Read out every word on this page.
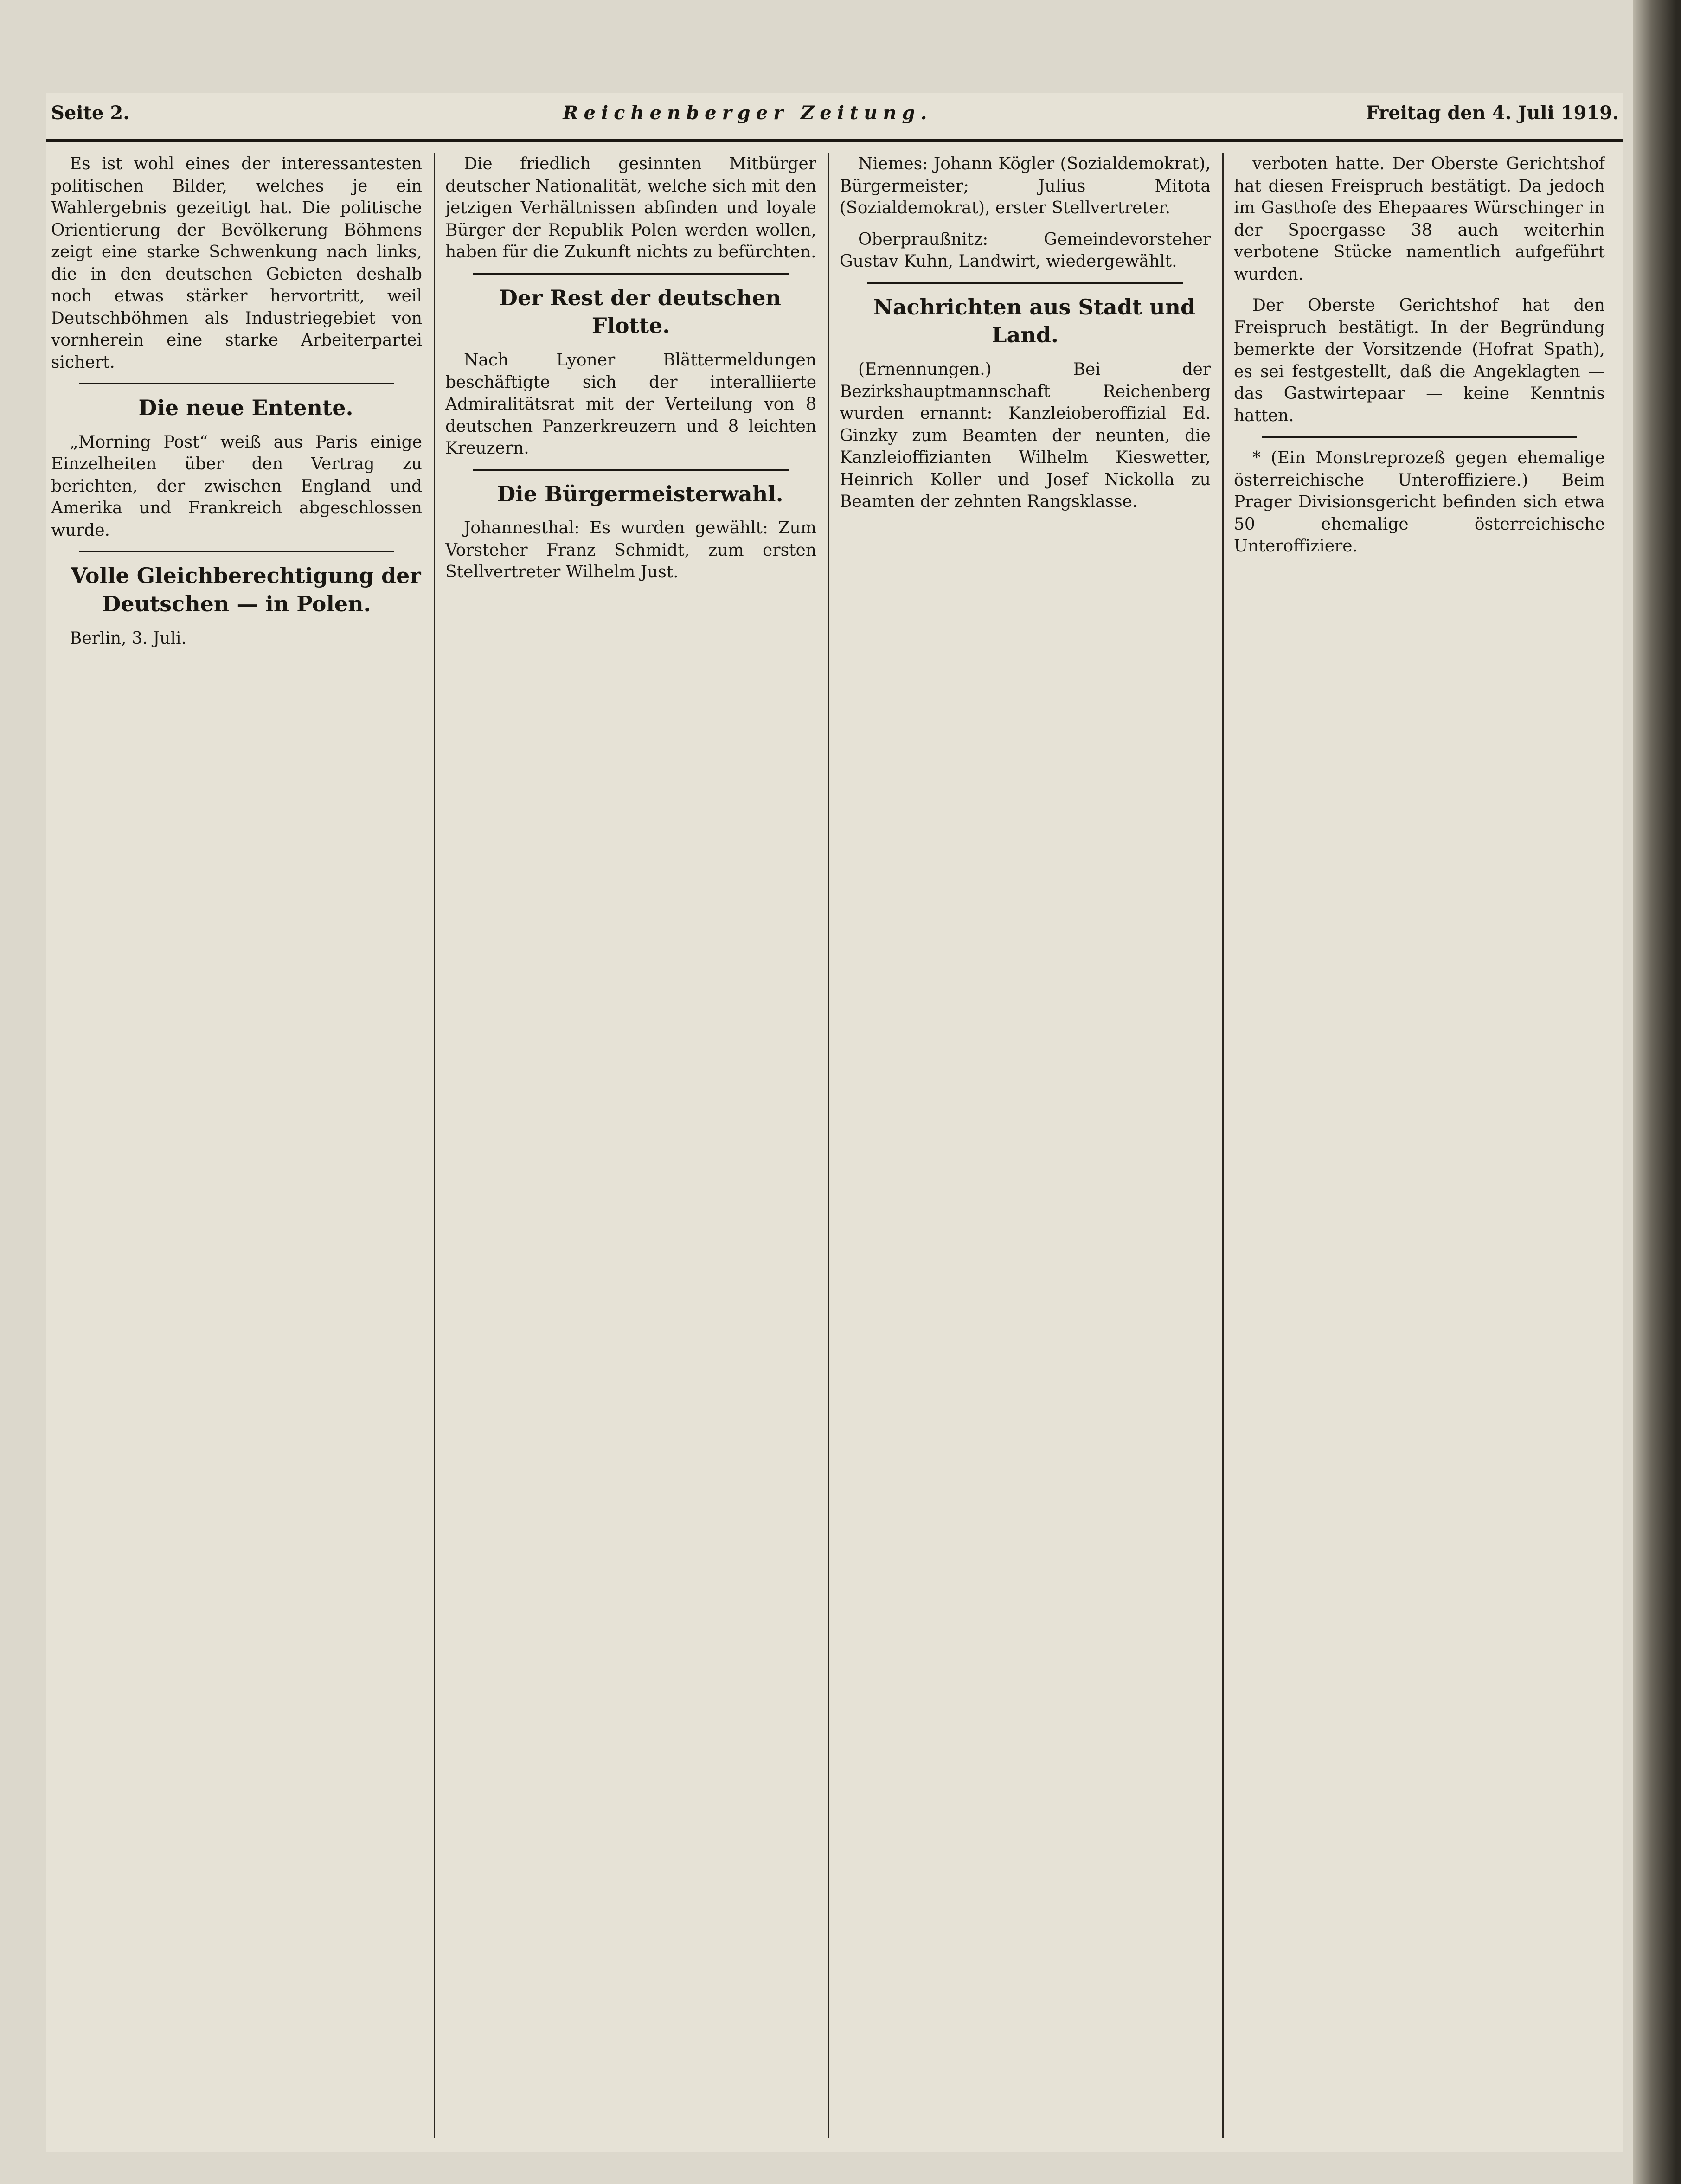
Seite 2.	Reichenberger Zeitung.	Freitag den 4. Juli 1919.

Es ist wohl eines der interessantesten politischen Bilder, welches je ein Wahlergebnis gezeitigt hat. Die politische Orientierung der Bevölkerung Böhmens zeigt eine starke Schwenkung nach links, die in den deutschen Gebieten deshalb noch etwas stärker hervortritt, weil Deutschböhmen als Industriegebiet von vornherein eine starke Arbeiterpartei sichert.

Die neue Entente.

„Morning Post“ weiß aus Paris einige Einzelheiten über den Vertrag zu berichten, der zwischen England und Amerika und Frankreich abgeschlossen wurde.

Volle Gleichberechtigung der Deutschen — in Polen.

Berlin, 3. Juli.

Die friedlich gesinnten Mitbürger deutscher Nationalität, welche sich mit den jetzigen Verhältnissen abfinden und loyale Bürger der Republik Polen werden wollen, haben für die Zukunft nichts zu befürchten.

Der Rest der deutschen Flotte.

Nach Lyoner Blättermeldungen beschäftigte sich der interalliierte Admiralitätsrat mit der Verteilung von 8 deutschen Panzerkreuzern und 8 leichten Kreuzern.

Die Bürgermeisterwahl.

Johannesthal: Es wurden gewählt: Zum Vorsteher Franz Schmidt, zum ersten Stellvertreter Wilhelm Just.

Niemes: Johann Kögler (Sozialdemokrat), Bürgermeister; Julius Mitota (Sozialdemokrat), erster Stellvertreter.

Oberpraußnitz: Gemeindevorsteher Gustav Kuhn, Landwirt, wiedergewählt.

Nachrichten aus Stadt und Land.

(Ernennungen.) Bei der Bezirkshauptmannschaft Reichenberg wurden ernannt: Kanzleioberoffizial Ed. Ginzky zum Beamten der neunten, die Kanzleioffizianten Wilhelm Kieswetter, Heinrich Koller und Josef Nickolla zu Beamten der zehnten Rangsklasse.

verboten hatte. Der Oberste Gerichtshof hat diesen Freispruch bestätigt. Da jedoch im Gasthofe des Ehepaares Würschinger in der Spoergasse 38 auch weiterhin verbotene Stücke namentlich aufgeführt wurden.

Der Oberste Gerichtshof hat den Freispruch bestätigt. In der Begründung bemerkte der Vorsitzende (Hofrat Spath), es sei festgestellt, daß die Angeklagten — das Gastwirtepaar — keine Kenntnis hatten.

* (Ein Monstreprozeß gegen ehemalige österreichische Unteroffiziere.) Beim Prager Divisionsgericht befinden sich etwa 50 ehemalige österreichische Unteroffiziere.
